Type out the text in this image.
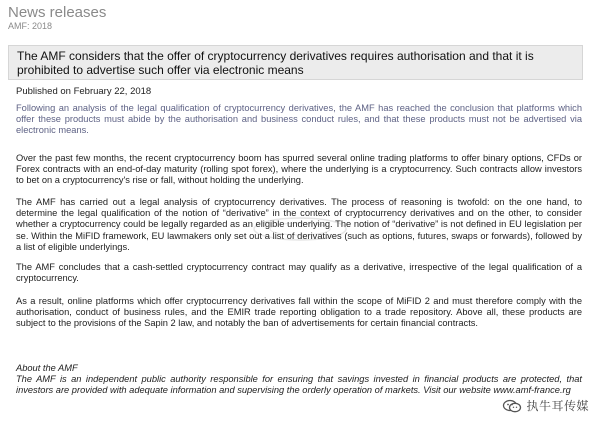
News releases

AMF: 2018

The AMF considers that the offer of cryptocurrency derivatives requires authorisation and that it is prohibited to advertise such offer via electronic means
Published on February 22, 2018

Following an analysis of the legal qualification of cryptocurrency derivatives, the AMF has reached the conclusion that platforms which offer these products must abide by the authorisation and business conduct rules, and that these products must not be advertised via electronic means.

Over the past few months, the recent cryptocurrency boom has spurred several online trading platforms to offer binary options, CFDs or Forex contracts with an end-of-day maturity (rolling spot forex), where the underlying is a cryptocurrency. Such contracts allow investors to bet on a cryptocurrency's rise or fall, without holding the underlying.

The AMF has carried out a legal analysis of cryptocurrency derivatives. The process of reasoning is twofold: on the one hand, to determine the legal qualification of the notion of “derivative” in the context of cryptocurrency derivatives and on the other, to consider whether a cryptocurrency could be legally regarded as an eligible underlying. The notion of “derivative” is not defined in EU legislation per se. Within the MiFID framework, EU lawmakers only set out a list of derivatives (such as options, futures, swaps or forwards), followed by a list of eligible underlyings.

The AMF concludes that a cash-settled cryptocurrency contract may qualify as a derivative, irrespective of the legal qualification of a cryptocurrency.

As a result, online platforms which offer cryptocurrency derivatives fall within the scope of MiFID 2 and must therefore comply with the authorisation, conduct of business rules, and the EMIR trade reporting obligation to a trade repository. Above all, these products are subject to the provisions of the Sapin 2 law, and notably the ban of advertisements for certain financial contracts.

About the AMF

The AMF is an independent public authority responsible for ensuring that savings invested in financial products are protected, that investors are provided with adequate information and supervising the orderly operation of markets. Visit our website www.amf-france.rg

执牛耳传媒
